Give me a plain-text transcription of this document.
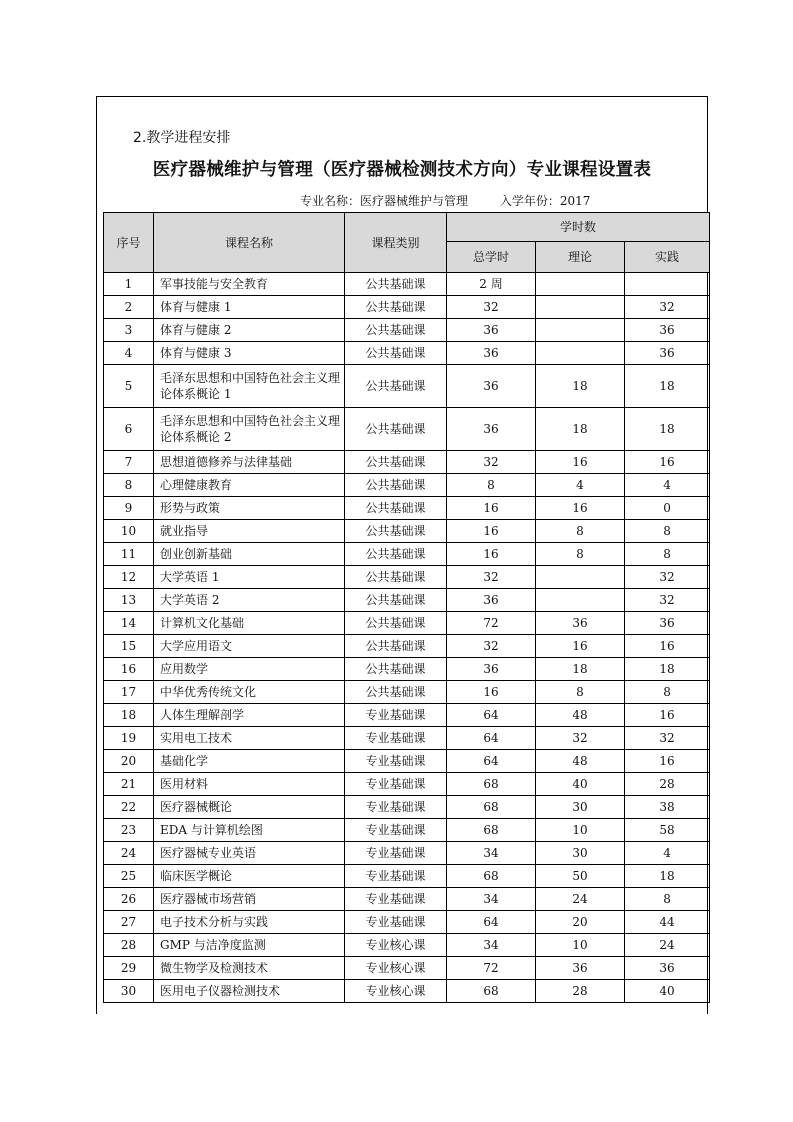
2.教学进程安排
医疗器械维护与管理（医疗器械检测技术方向）专业课程设置表
专业名称：医疗器械维护与管理	入学年份：2017
序号	课程名称	课程类别	学时数		
			总学时	理论	实践
1	军事技能与安全教育	公共基础课	2 周		
2	体育与健康 1	公共基础课	32		32
3	体育与健康 2	公共基础课	36		36
4	体育与健康 3	公共基础课	36		36
5	毛泽东思想和中国特色社会主义理论体系概论 1	公共基础课	36	18	18
6	毛泽东思想和中国特色社会主义理论体系概论 2	公共基础课	36	18	18
7	思想道德修养与法律基础	公共基础课	32	16	16
8	心理健康教育	公共基础课	8	4	4
9	形势与政策	公共基础课	16	16	0
10	就业指导	公共基础课	16	8	8
11	创业创新基础	公共基础课	16	8	8
12	大学英语 1	公共基础课	32		32
13	大学英语 2	公共基础课	36		32
14	计算机文化基础	公共基础课	72	36	36
15	大学应用语文	公共基础课	32	16	16
16	应用数学	公共基础课	36	18	18
17	中华优秀传统文化	公共基础课	16	8	8
18	人体生理解剖学	专业基础课	64	48	16
19	实用电工技术	专业基础课	64	32	32
20	基础化学	专业基础课	64	48	16
21	医用材料	专业基础课	68	40	28
22	医疗器械概论	专业基础课	68	30	38
23	EDA 与计算机绘图	专业基础课	68	10	58
24	医疗器械专业英语	专业基础课	34	30	4
25	临床医学概论	专业基础课	68	50	18
26	医疗器械市场营销	专业基础课	34	24	8
27	电子技术分析与实践	专业基础课	64	20	44
28	GMP 与洁净度监测	专业核心课	34	10	24
29	微生物学及检测技术	专业核心课	72	36	36
30	医用电子仪器检测技术	专业核心课	68	28	40
